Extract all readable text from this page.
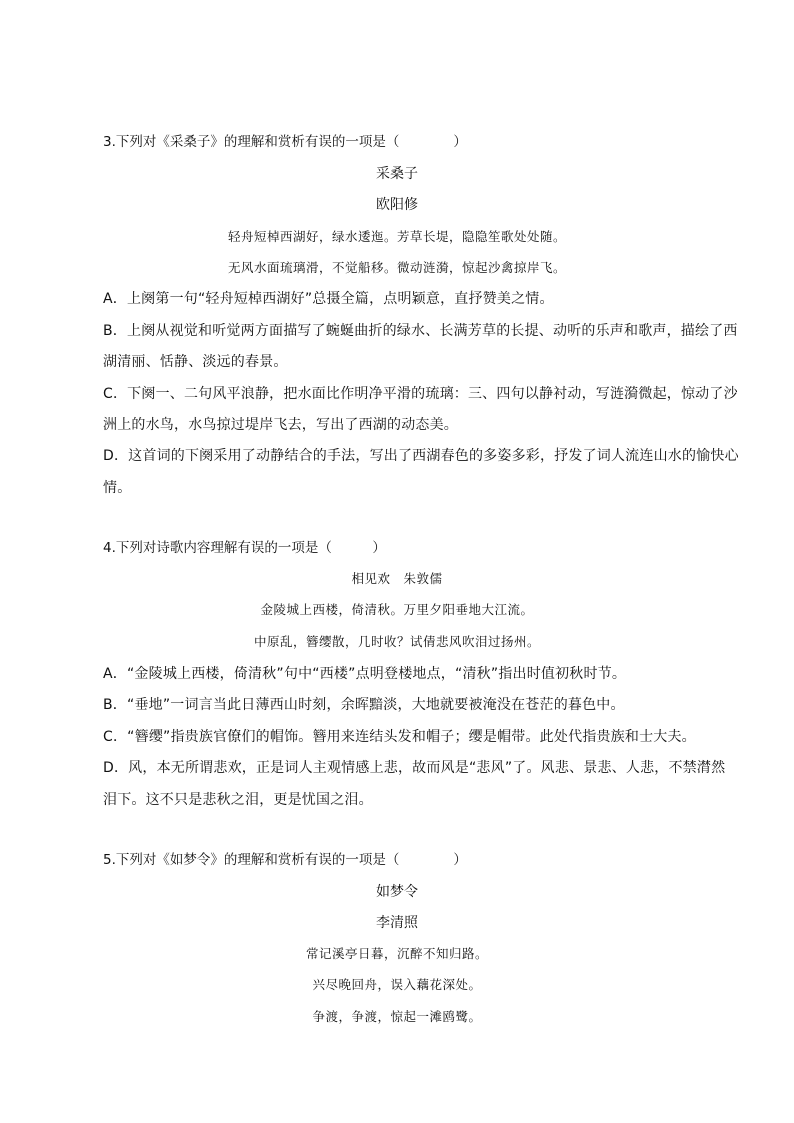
3.下列对《采桑子》的理解和赏析有误的一项是（　　　　）
采桑子
欧阳修
轻舟短棹西湖好，绿水逶迤。芳草长堤，隐隐笙歌处处随。
无风水面琉璃滑，不觉船移。微动涟漪，惊起沙禽掠岸飞。
A．上阕第一句“轻舟短棹西湖好”总摄全篇，点明颖意，直抒赞美之情。
B．上阕从视觉和听觉两方面描写了蜿蜒曲折的绿水、长满芳草的长提、动听的乐声和歌声，描绘了西
湖清丽、恬静、淡远的春景。
C．下阕一、二句风平浪静，把水面比作明净平滑的琉璃：三、四句以静衬动，写涟漪微起，惊动了沙
洲上的水鸟，水鸟掠过堤岸飞去，写出了西湖的动态美。
D．这首词的下阕采用了动静结合的手法，写出了西湖春色的多姿多彩，抒发了词人流连山水的愉快心
情。
4.下列对诗歌内容理解有误的一项是（　　　）
相见欢　朱敦儒
金陵城上西楼，倚清秋。万里夕阳垂地大江流。
中原乱，簪缨散，几时收？试倩悲风吹泪过扬州。
A．“金陵城上西楼，倚清秋”句中“西楼”点明登楼地点，“清秋”指出时值初秋时节。
B．“垂地”一词言当此日薄西山时刻，余晖黯淡，大地就要被淹没在苍茫的暮色中。
C．“簪缨”指贵族官僚们的帽饰。簪用来连结头发和帽子；缨是帽带。此处代指贵族和士大夫。
D．风，本无所谓悲欢，正是词人主观情感上悲，故而风是“悲风”了。风悲、景悲、人悲，不禁潸然
泪下。这不只是悲秋之泪，更是忧国之泪。
5.下列对《如梦令》的理解和赏析有误的一项是（　　　　）
如梦令
李清照
常记溪亭日暮，沉醉不知归路。
兴尽晚回舟，误入藕花深处。
争渡，争渡，惊起一滩鸥鹭。
